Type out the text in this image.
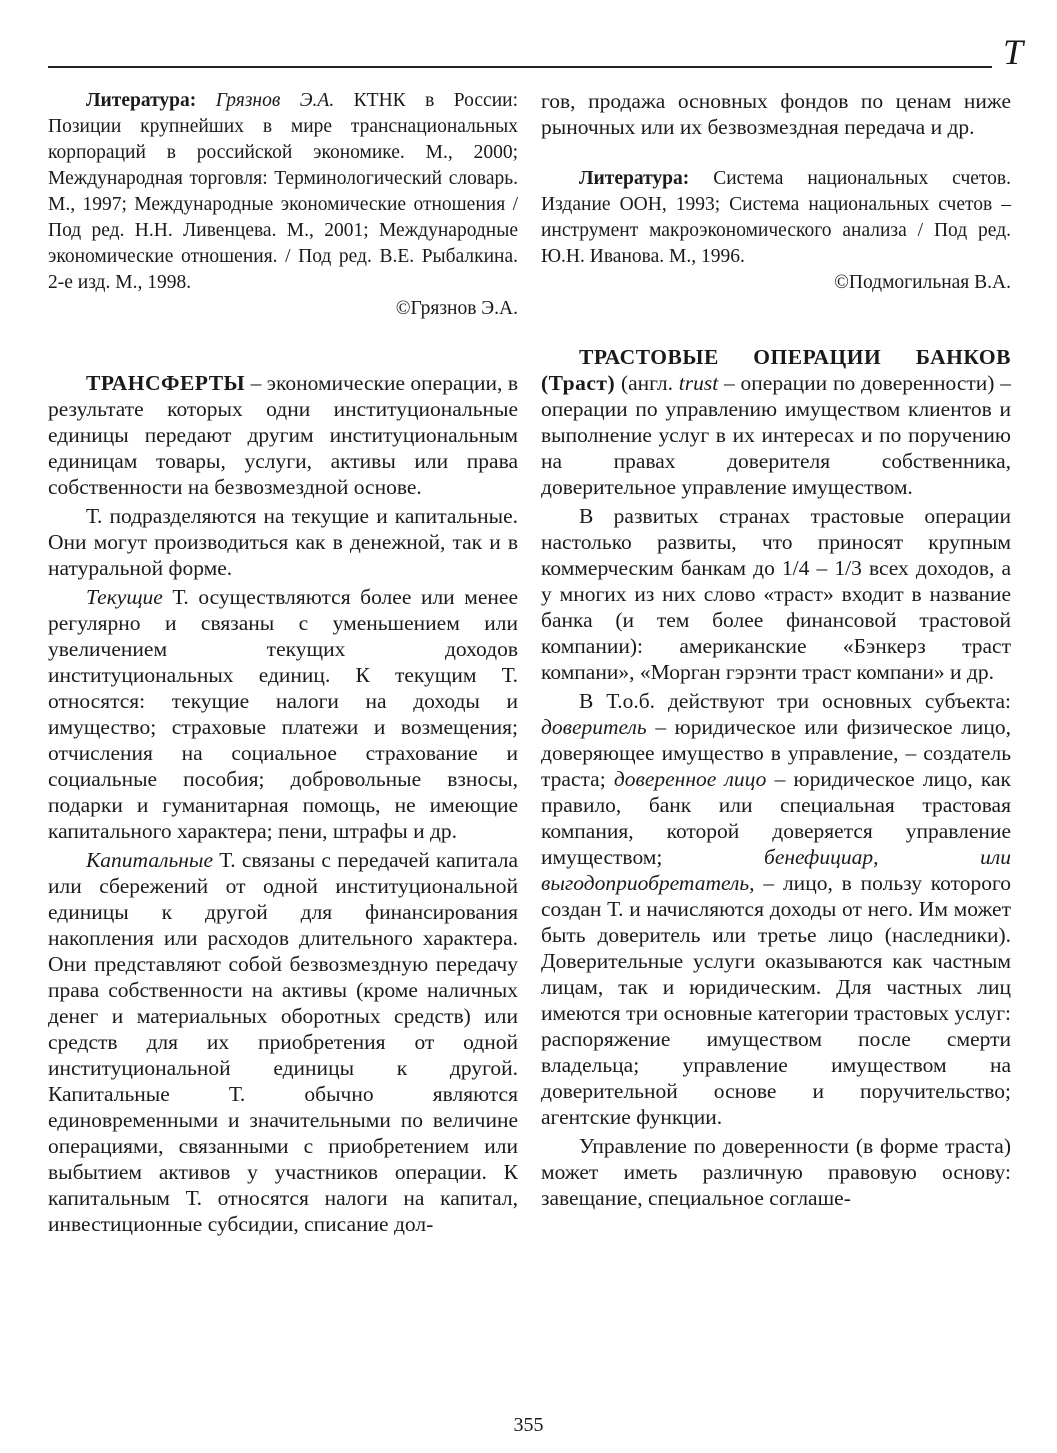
Т

Литература: Грязнов Э.А. КТНК в России: Позиции крупнейших в мире транснациональных корпораций в российской экономике. М., 2000; Международная торговля: Терминологический словарь. М., 1997; Международные экономические отношения / Под ред. Н.Н. Ливенцева. М., 2001; Международные экономические отношения. / Под ред. В.Е. Рыбалкина. 2-е изд. М., 1998.

©Грязнов Э.А.

ТРАНСФЕРТЫ – экономические операции, в результате которых одни институциональные единицы передают другим институциональным единицам товары, услуги, активы или права собственности на безвозмездной основе.

Т. подразделяются на текущие и капитальные. Они могут производиться как в денежной, так и в натуральной форме.

Текущие Т. осуществляются более или менее регулярно и связаны с уменьшением или увеличением текущих доходов институциональных единиц. К текущим Т. относятся: текущие налоги на доходы и имущество; страховые платежи и возмещения; отчисления на социальное страхование и социальные пособия; добровольные взносы, подарки и гуманитарная помощь, не имеющие капитального характера; пени, штрафы и др.

Капитальные Т. связаны с передачей капитала или сбережений от одной институциональной единицы к другой для финансирования накопления или расходов длительного характера. Они представляют собой безвозмездную передачу права собственности на активы (кроме наличных денег и материальных оборотных средств) или средств для их приобретения от одной институциональной единицы к другой. Капитальные Т. обычно являются единовременными и значительными по величине операциями, связанными с приобретением или выбытием активов у участников операции. К капитальным Т. относятся налоги на капитал, инвестиционные субсидии, списание дол-

гов, продажа основных фондов по ценам ниже рыночных или их безвозмездная передача и др.

Литература: Система национальных счетов. Издание ООН, 1993; Система национальных счетов – инструмент макроэкономического анализа / Под ред. Ю.Н. Иванова. М., 1996.

©Подмогильная В.А.

ТРАСТОВЫЕ ОПЕРАЦИИ БАНКОВ (Траст) (англ. trust – операции по доверенности) – операции по управлению имуществом клиентов и выполнение услуг в их интересах и по поручению на правах доверителя собственника, доверительное управление имуществом.

В развитых странах трастовые операции настолько развиты, что приносят крупным коммерческим банкам до 1/4 – 1/3 всех доходов, а у многих из них слово «траст» входит в название банка (и тем более финансовой трастовой компании): американские «Бэнкерз траст компани», «Морган гэрэнти траст компани» и др.

В Т.о.б. действуют три основных субъекта: доверитель – юридическое или физическое лицо, доверяющее имущество в управление, – создатель траста; доверенное лицо – юридическое лицо, как правило, банк или специальная трастовая компания, которой доверяется управление имуществом; бенефициар, или выгодоприобретатель, – лицо, в пользу которого создан Т. и начисляются доходы от него. Им может быть доверитель или третье лицо (наследники). Доверительные услуги оказываются как частным лицам, так и юридическим. Для частных лиц имеются три основные категории трастовых услуг: распоряжение имуществом после смерти владельца; управление имуществом на доверительной основе и поручительство; агентские функции.

Управление по доверенности (в форме траста) может иметь различную правовую основу: завещание, специальное соглаше-

355
